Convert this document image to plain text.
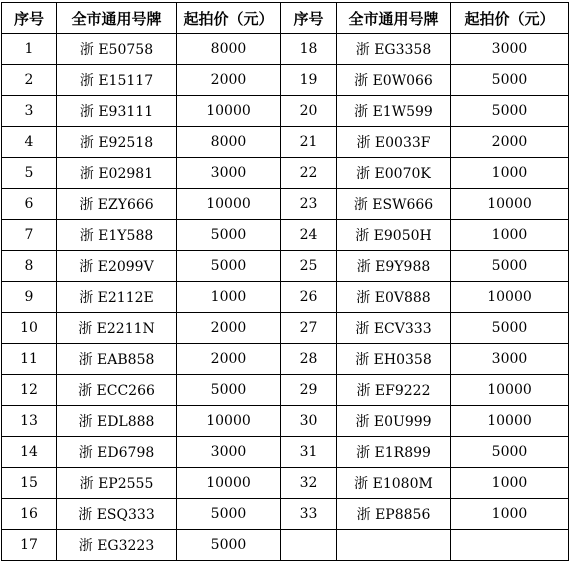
序号	全市通用号牌	起拍价（元）	序号	全市通用号牌	起拍价（元）
1	浙 E50758	8000	18	浙 EG3358	3000
2	浙 E15117	2000	19	浙 E0W066	5000
3	浙 E93111	10000	20	浙 E1W599	5000
4	浙 E92518	8000	21	浙 E0033F	2000
5	浙 E02981	3000	22	浙 E0070K	1000
6	浙 EZY666	10000	23	浙 ESW666	10000
7	浙 E1Y588	5000	24	浙 E9050H	1000
8	浙 E2099V	5000	25	浙 E9Y988	5000
9	浙 E2112E	1000	26	浙 E0V888	10000
10	浙 E2211N	2000	27	浙 ECV333	5000
11	浙 EAB858	2000	28	浙 EH0358	3000
12	浙 ECC266	5000	29	浙 EF9222	10000
13	浙 EDL888	10000	30	浙 E0U999	10000
14	浙 ED6798	3000	31	浙 E1R899	5000
15	浙 EP2555	10000	32	浙 E1080M	1000
16	浙 ESQ333	5000	33	浙 EP8856	1000
17	浙 EG3223	5000			
